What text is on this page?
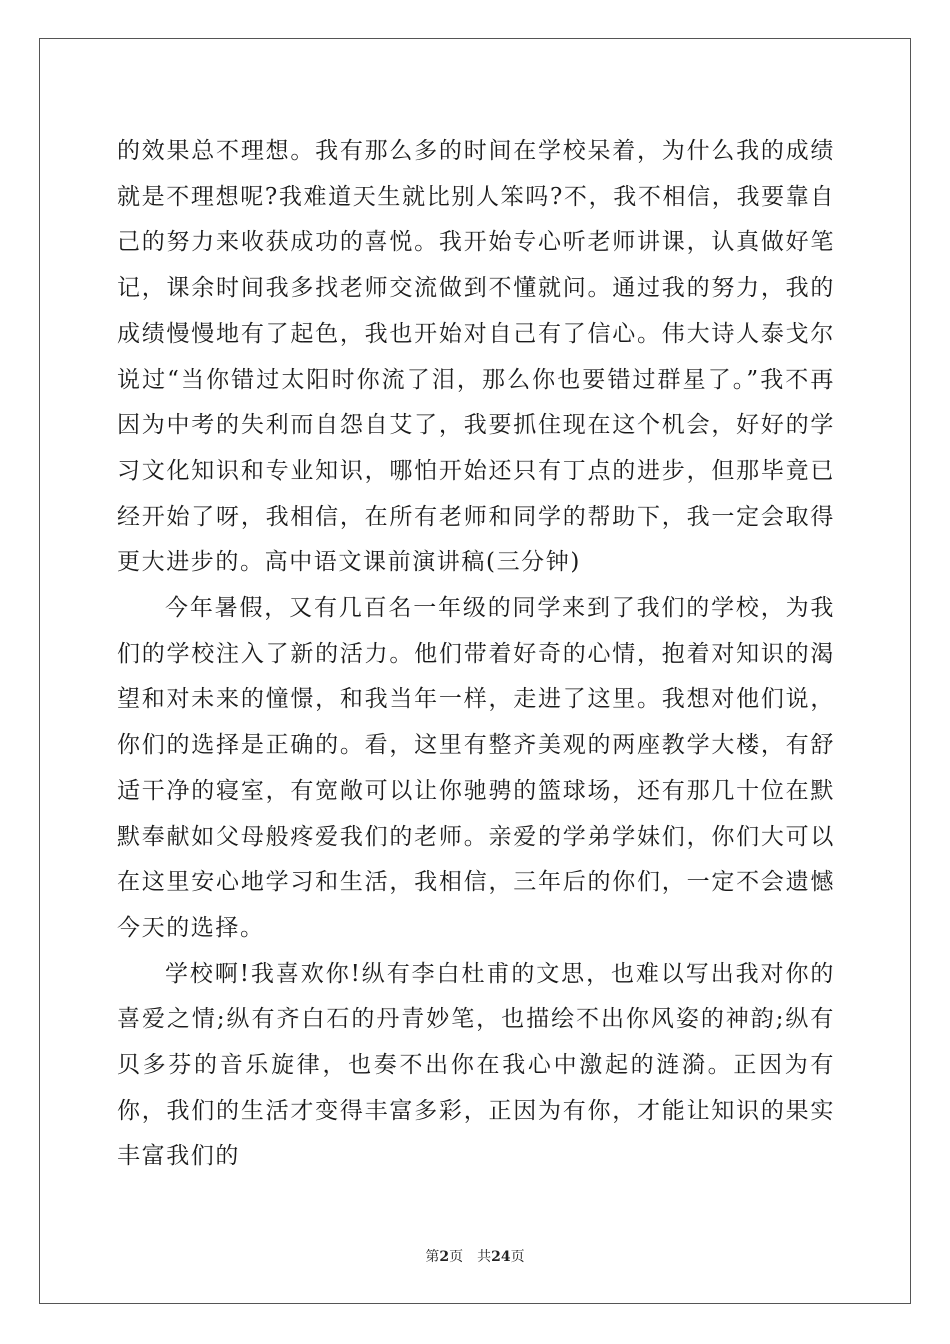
的效果总不理想。我有那么多的时间在学校呆着，为什么我的成绩就是不理想呢?我难道天生就比别人笨吗?不，我不相信，我要靠自己的努力来收获成功的喜悦。我开始专心听老师讲课，认真做好笔记，课余时间我多找老师交流做到不懂就问。通过我的努力，我的成绩慢慢地有了起色，我也开始对自己有了信心。伟大诗人泰戈尔说过“当你错过太阳时你流了泪，那么你也要错过群星了。”我不再因为中考的失利而自怨自艾了，我要抓住现在这个机会，好好的学习文化知识和专业知识，哪怕开始还只有丁点的进步，但那毕竟已经开始了呀，我相信，在所有老师和同学的帮助下，我一定会取得更大进步的。高中语文课前演讲稿(三分钟)

今年暑假，又有几百名一年级的同学来到了我们的学校，为我们的学校注入了新的活力。他们带着好奇的心情，抱着对知识的渴望和对未来的憧憬，和我当年一样，走进了这里。我想对他们说，你们的选择是正确的。看，这里有整齐美观的两座教学大楼，有舒适干净的寝室，有宽敞可以让你驰骋的篮球场，还有那几十位在默默奉献如父母般疼爱我们的老师。亲爱的学弟学妹们，你们大可以在这里安心地学习和生活，我相信，三年后的你们，一定不会遗憾今天的选择。

学校啊!我喜欢你!纵有李白杜甫的文思，也难以写出我对你的喜爱之情;纵有齐白石的丹青妙笔，也描绘不出你风姿的神韵;纵有贝多芬的音乐旋律，也奏不出你在我心中激起的涟漪。正因为有你，我们的生活才变得丰富多彩，正因为有你，才能让知识的果实丰富我们的

第2页 共24页
